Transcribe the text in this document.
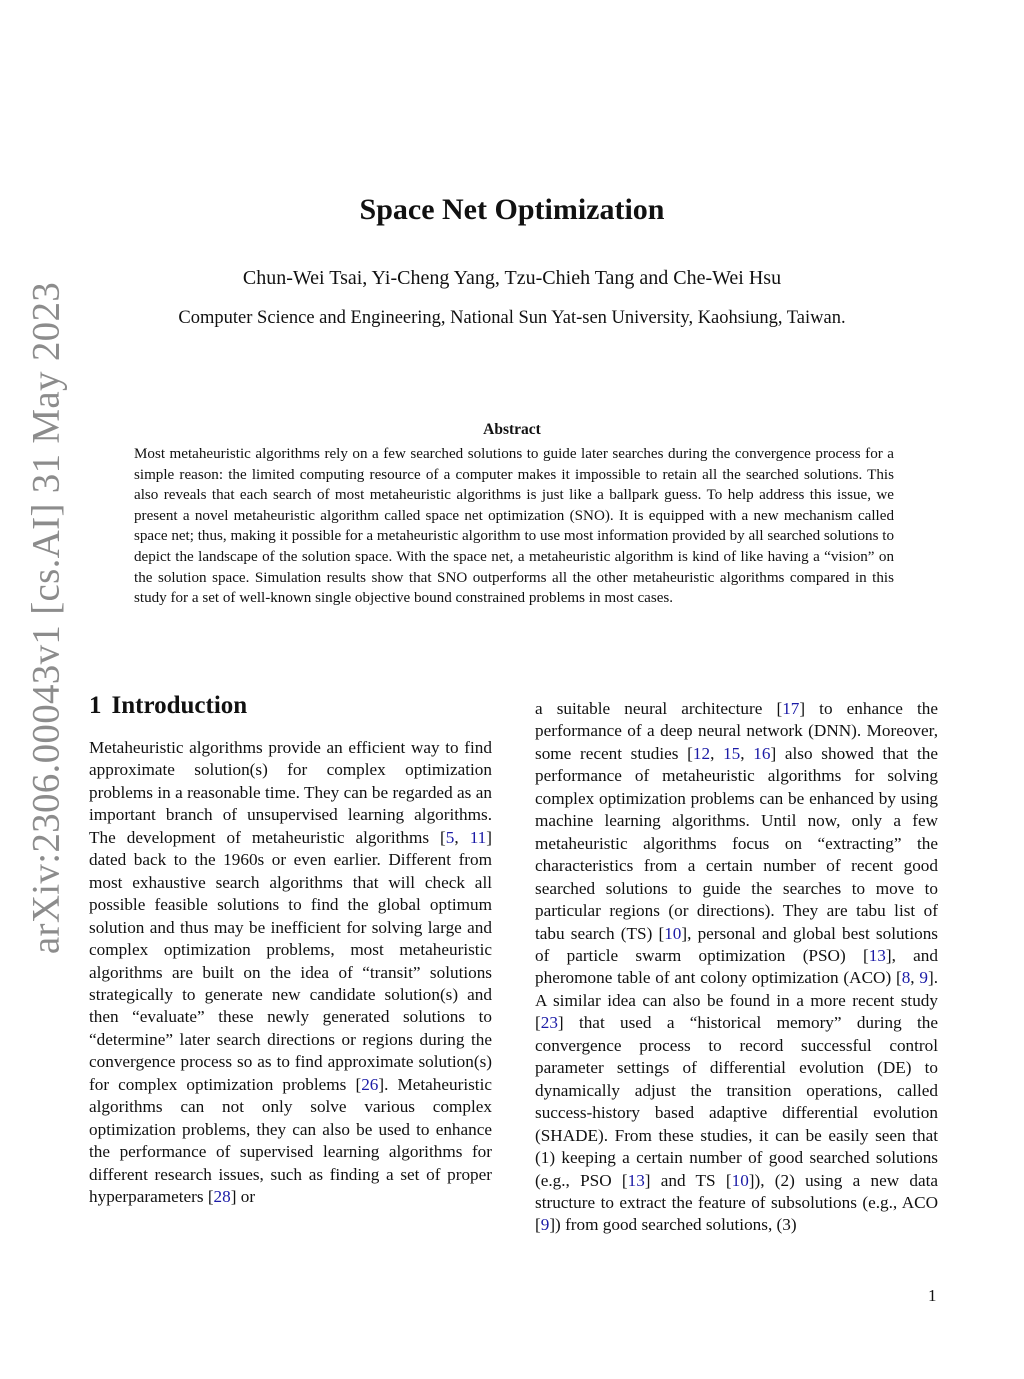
arXiv:2306.00043v1 [cs.AI] 31 May 2023
Space Net Optimization
Chun-Wei Tsai, Yi-Cheng Yang, Tzu-Chieh Tang and Che-Wei Hsu
Computer Science and Engineering, National Sun Yat-sen University, Kaohsiung, Taiwan.
Abstract

Most metaheuristic algorithms rely on a few searched solutions to guide later searches during the convergence process for a simple reason: the limited computing resource of a computer makes it impossible to retain all the searched solutions. This also reveals that each search of most metaheuristic algorithms is just like a ballpark guess. To help address this issue, we present a novel metaheuristic algorithm called space net optimization (SNO). It is equipped with a new mechanism called space net; thus, making it possible for a metaheuristic algorithm to use most information provided by all searched solutions to depict the landscape of the solution space. With the space net, a metaheuristic algorithm is kind of like having a “vision” on the solution space. Simulation results show that SNO outperforms all the other metaheuristic algorithms compared in this study for a set of well-known single objective bound constrained problems in most cases.

1 Introduction

Metaheuristic algorithms provide an efficient way to find approximate solution(s) for complex optimization problems in a reasonable time. They can be regarded as an important branch of unsupervised learning algorithms. The development of metaheuristic algorithms [5, 11] dated back to the 1960s or even earlier. Different from most exhaustive search algorithms that will check all possible feasible solutions to find the global optimum solution and thus may be inefficient for solving large and complex optimization problems, most metaheuristic algorithms are built on the idea of “transit” solutions strategically to generate new candidate solution(s) and then “evaluate” these newly generated solutions to “determine” later search directions or regions during the convergence process so as to find approximate solution(s) for complex optimization problems [26]. Metaheuristic algorithms can not only solve various complex optimization problems, they can also be used to enhance the performance of supervised learning algorithms for different research issues, such as finding a set of proper hyperparameters [28] or

a suitable neural architecture [17] to enhance the performance of a deep neural network (DNN). Moreover, some recent studies [12, 15, 16] also showed that the performance of metaheuristic algorithms for solving complex optimization problems can be enhanced by using machine learning algorithms. Until now, only a few metaheuristic algorithms focus on “extracting” the characteristics from a certain number of recent good searched solutions to guide the searches to move to particular regions (or directions). They are tabu list of tabu search (TS) [10], personal and global best solutions of particle swarm optimization (PSO) [13], and pheromone table of ant colony optimization (ACO) [8, 9]. A similar idea can also be found in a more recent study [23] that used a “historical memory” during the convergence process to record successful control parameter settings of differential evolution (DE) to dynamically adjust the transition operations, called success-history based adaptive differential evolution (SHADE). From these studies, it can be easily seen that (1) keeping a certain number of good searched solutions (e.g., PSO [13] and TS [10]), (2) using a new data structure to extract the feature of subsolutions (e.g., ACO [9]) from good searched solutions, (3)

1
